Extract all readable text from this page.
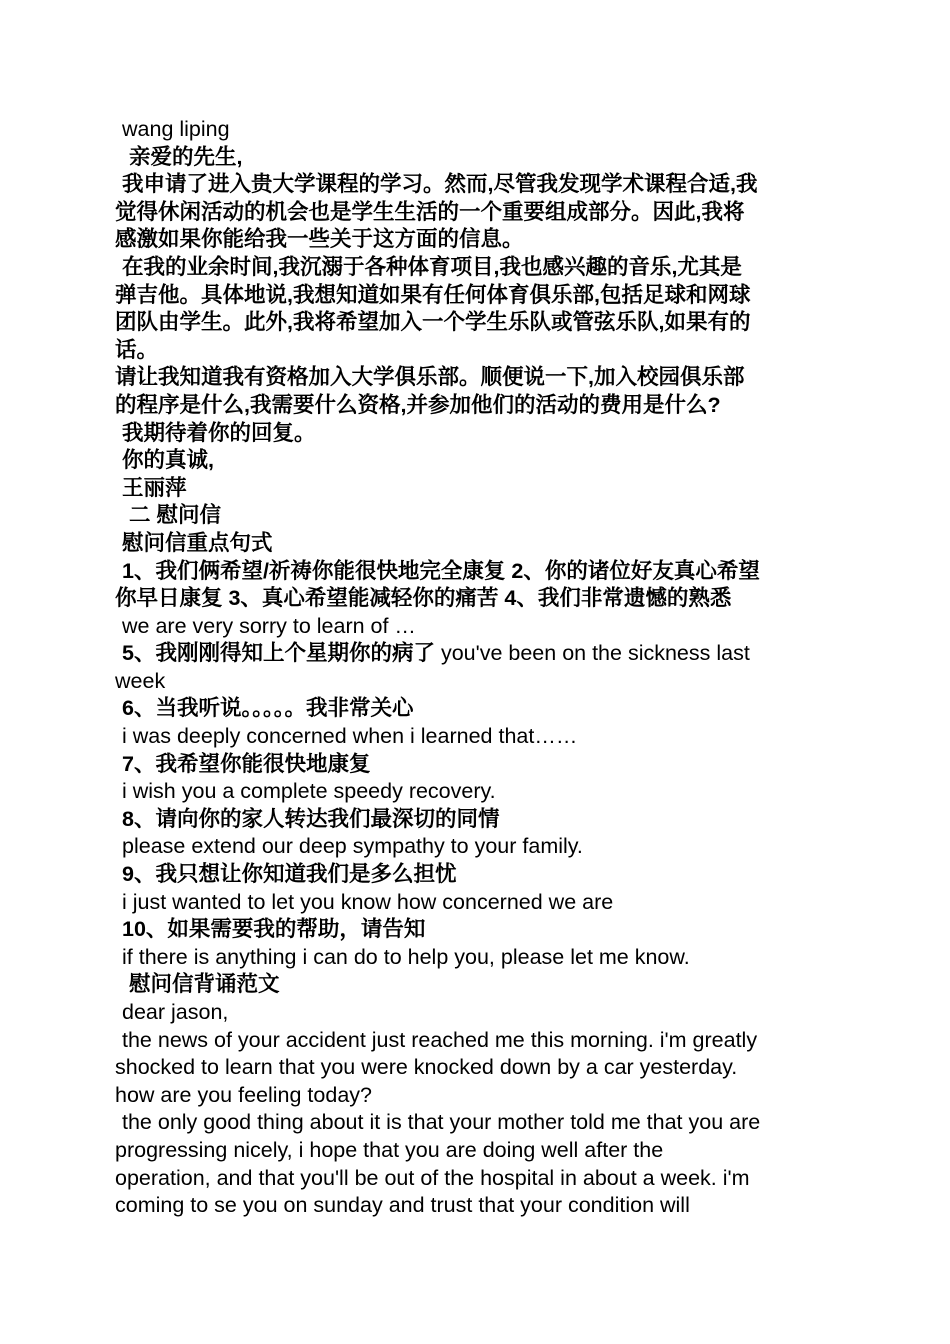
wang liping
亲爱的先生,
我申请了进入贵大学课程的学习。然而,尽管我发现学术课程合适,我
觉得休闲活动的机会也是学生生活的一个重要组成部分。因此,我将
感激如果你能给我一些关于这方面的信息。
在我的业余时间,我沉溺于各种体育项目,我也感兴趣的音乐,尤其是
弹吉他。具体地说,我想知道如果有任何体育俱乐部,包括足球和网球
团队由学生。此外,我将希望加入一个学生乐队或管弦乐队,如果有的
话。
请让我知道我有资格加入大学俱乐部。顺便说一下,加入校园俱乐部
的程序是什么,我需要什么资格,并参加他们的活动的费用是什么?
我期待着你的回复。
你的真诚,
王丽萍
二 慰问信
慰问信重点句式
1、我们俩希望/祈祷你能很快地完全康复 2、你的诸位好友真心希望
你早日康复 3、真心希望能减轻你的痛苦 4、我们非常遗憾的熟悉
we are very sorry to learn of …
5、我刚刚得知上个星期你的病了 you've been on the sickness last
week
6、当我听说。。。。。我非常关心
i was deeply concerned when i learned that……
7、我希望你能很快地康复
i wish you a complete speedy recovery.
8、请向你的家人转达我们最深切的同情
please extend our deep sympathy to your family.
9、我只想让你知道我们是多么担忧
i just wanted to let you know how concerned we are
10、如果需要我的帮助，请告知
if there is anything i can do to help you, please let me know.
慰问信背诵范文
dear jason,
the news of your accident just reached me this morning. i'm greatly
shocked to learn that you were knocked down by a car yesterday.
how are you feeling today?
the only good thing about it is that your mother told me that you are
progressing nicely, i hope that you are doing well after the
operation, and that you'll be out of the hospital in about a week. i'm
coming to se you on sunday and trust that your condition will
